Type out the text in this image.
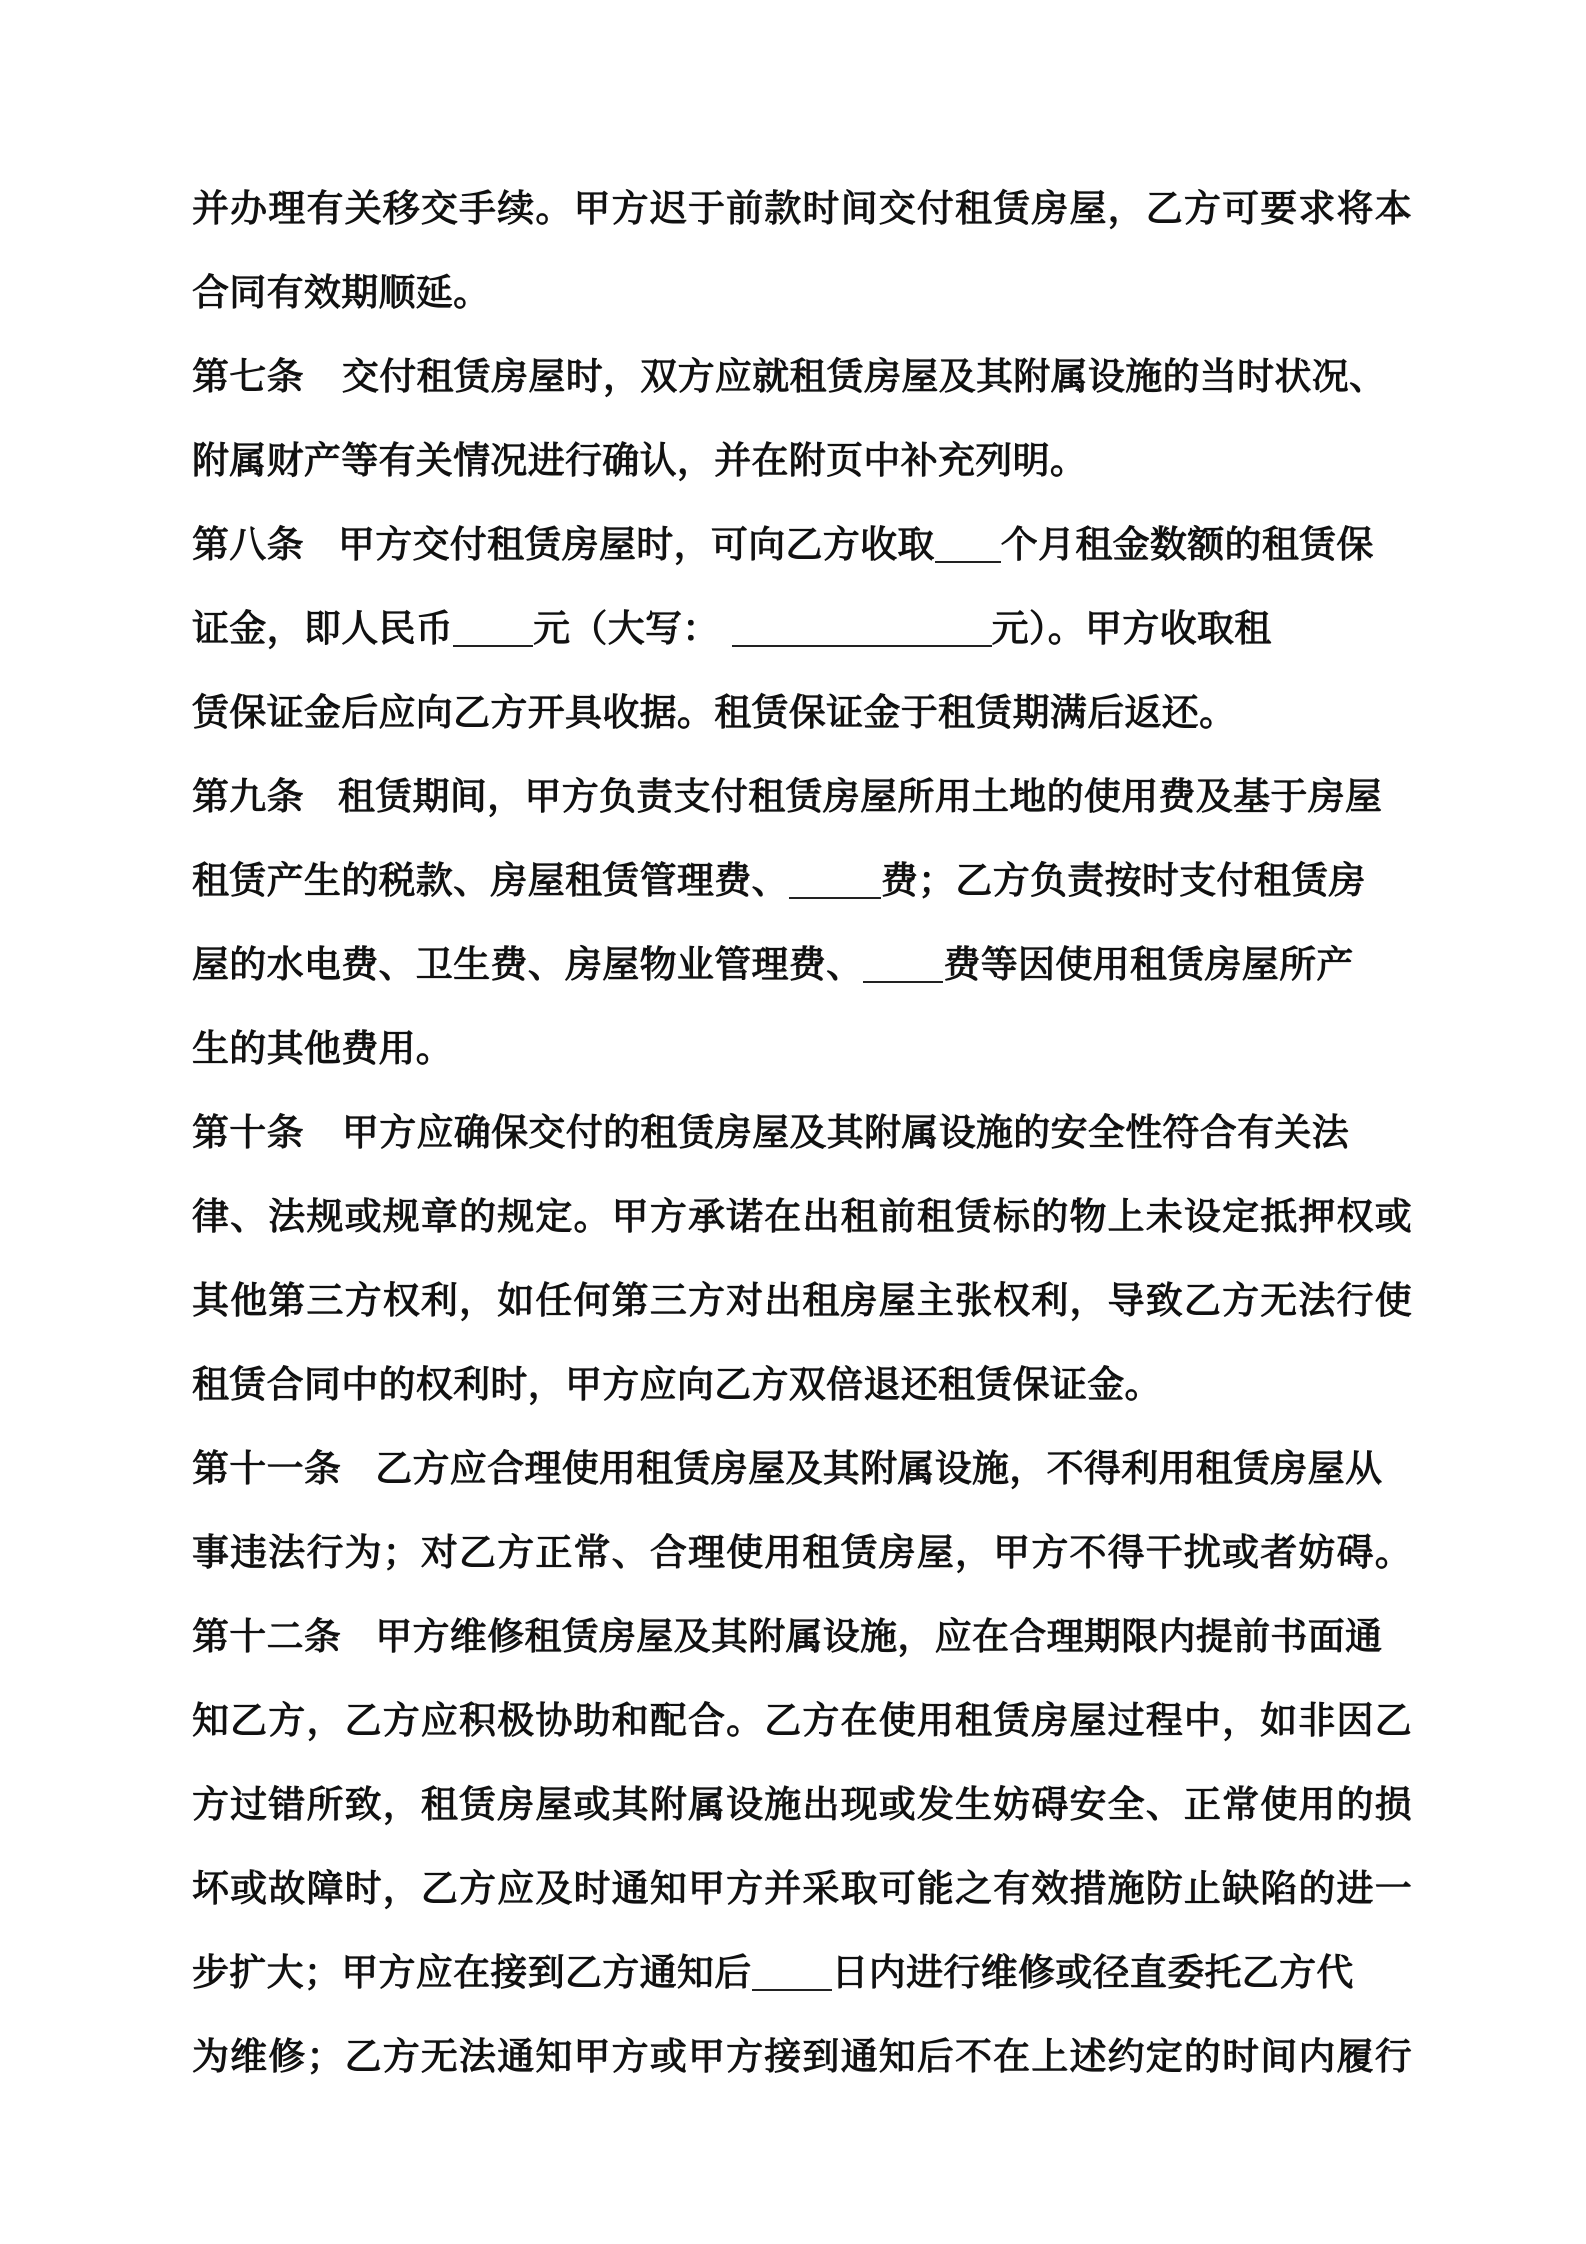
并办理有关移交手续。甲方迟于前款时间交付租赁房屋，乙方可要求将本
合同有效期顺延。
第七条 交付租赁房屋时，双方应就租赁房屋及其附属设施的当时状况、
附属财产等有关情况进行确认，并在附页中补充列明。
第八条 甲方交付租赁房屋时，可向乙方收取 个月租金数额的租赁保
证金，即人民币 元（大写：	元）。甲方收取租
赁保证金后应向乙方开具收据。租赁保证金于租赁期满后返还。
第九条 租赁期间，甲方负责支付租赁房屋所用土地的使用费及基于房屋
租赁产生的税款、房屋租赁管理费、 费；乙方负责按时支付租赁房
屋的水电费、卫生费、房屋物业管理费、 费等因使用租赁房屋所产
生的其他费用。
第十条 甲方应确保交付的租赁房屋及其附属设施的安全性符合有关法
律、法规或规章的规定。甲方承诺在出租前租赁标的物上未设定抵押权或
其他第三方权利，如任何第三方对出租房屋主张权利，导致乙方无法行使
租赁合同中的权利时，甲方应向乙方双倍退还租赁保证金。
第十一条 乙方应合理使用租赁房屋及其附属设施，不得利用租赁房屋从
事违法行为；对乙方正常、合理使用租赁房屋，甲方不得干扰或者妨碍。
第十二条 甲方维修租赁房屋及其附属设施，应在合理期限内提前书面通
知乙方，乙方应积极协助和配合。乙方在使用租赁房屋过程中，如非因乙
方过错所致，租赁房屋或其附属设施出现或发生妨碍安全、正常使用的损
坏或故障时，乙方应及时通知甲方并采取可能之有效措施防止缺陷的进一
步扩大；甲方应在接到乙方通知后 日内进行维修或径直委托乙方代
为维修；乙方无法通知甲方或甲方接到通知后不在上述约定的时间内履行
